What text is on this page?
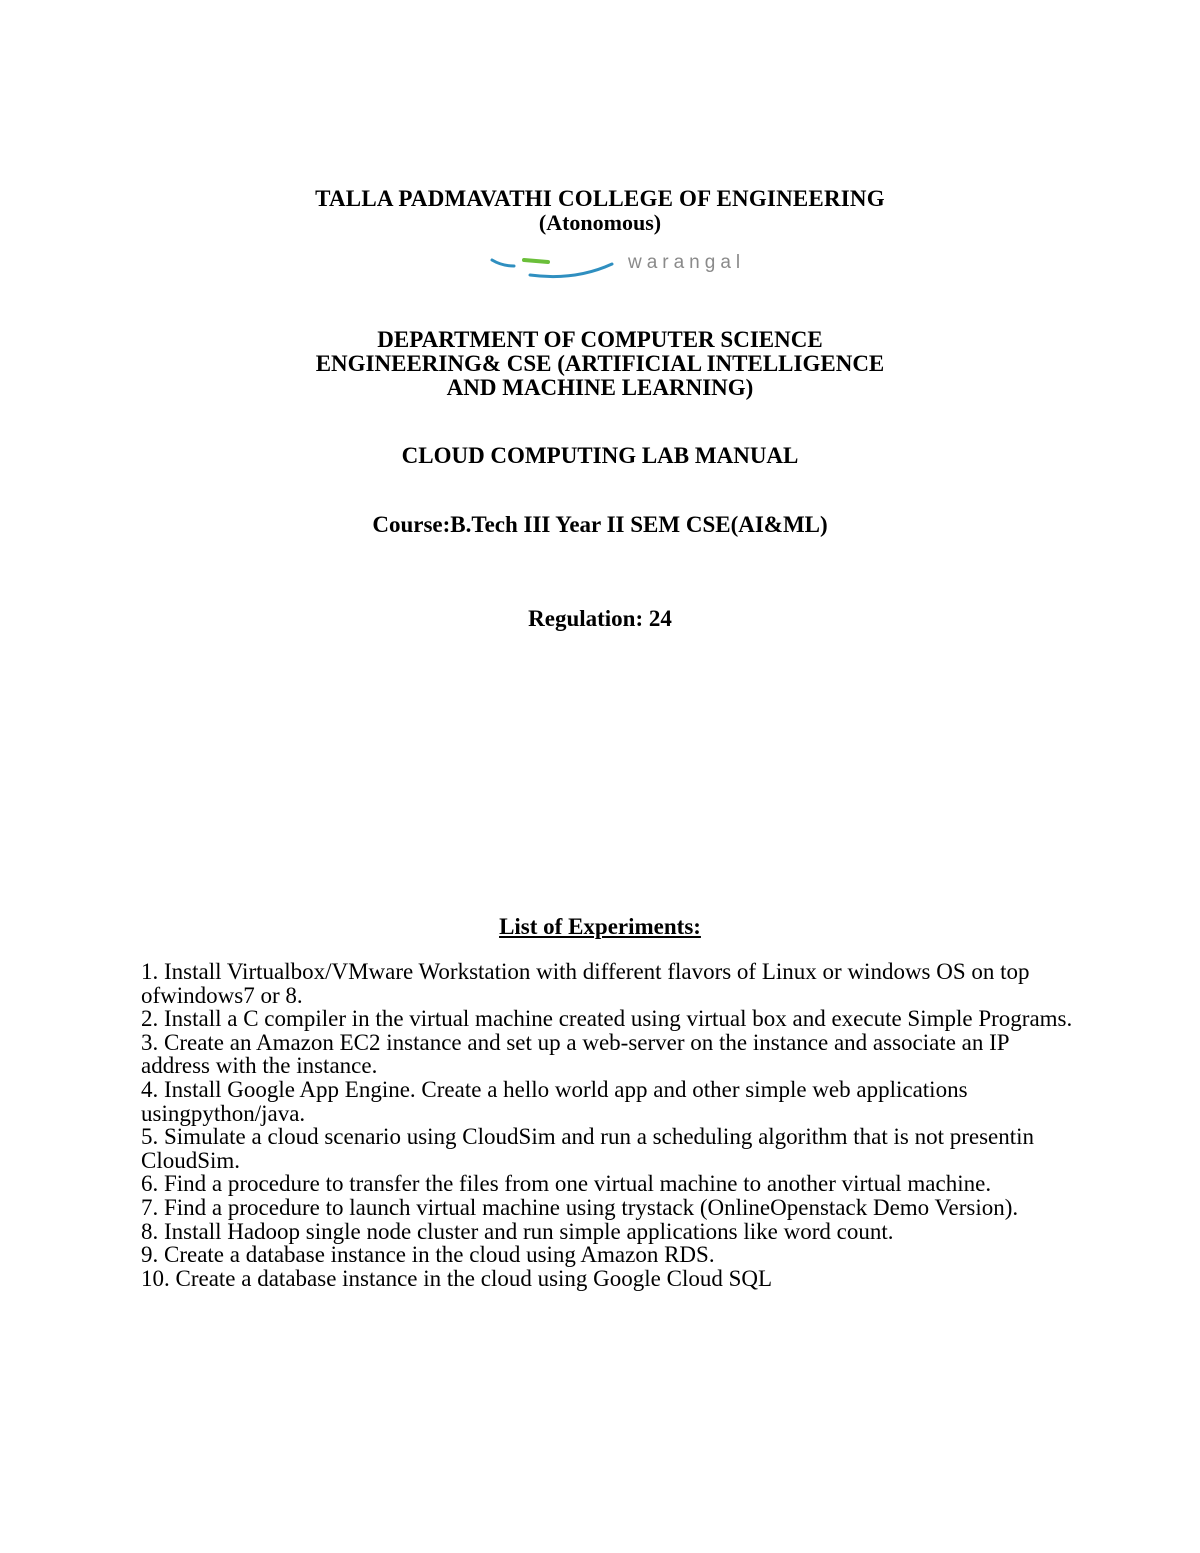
TALLA PADMAVATHI COLLEGE OF ENGINEERING
(Atonomous)
warangal
DEPARTMENT OF COMPUTER SCIENCE
ENGINEERING& CSE (ARTIFICIAL INTELLIGENCE
AND MACHINE LEARNING)
CLOUD COMPUTING LAB MANUAL
Course:B.Tech III Year II SEM CSE(AI&ML)
Regulation: 24
List of Experiments:

1. Install Virtualbox/VMware Workstation with different flavors of Linux or windows OS on top ofwindows7 or 8.

2. Install a C compiler in the virtual machine created using virtual box and execute Simple Programs.

3. Create an Amazon EC2 instance and set up a web-server on the instance and associate an IP address with the instance.

4. Install Google App Engine. Create a hello world app and other simple web applications usingpython/java.

5. Simulate a cloud scenario using CloudSim and run a scheduling algorithm that is not presentin CloudSim.

6. Find a procedure to transfer the files from one virtual machine to another virtual machine.

7. Find a procedure to launch virtual machine using trystack (OnlineOpenstack Demo Version).

8. Install Hadoop single node cluster and run simple applications like word count.

9. Create a database instance in the cloud using Amazon RDS.

10. Create a database instance in the cloud using Google Cloud SQL
